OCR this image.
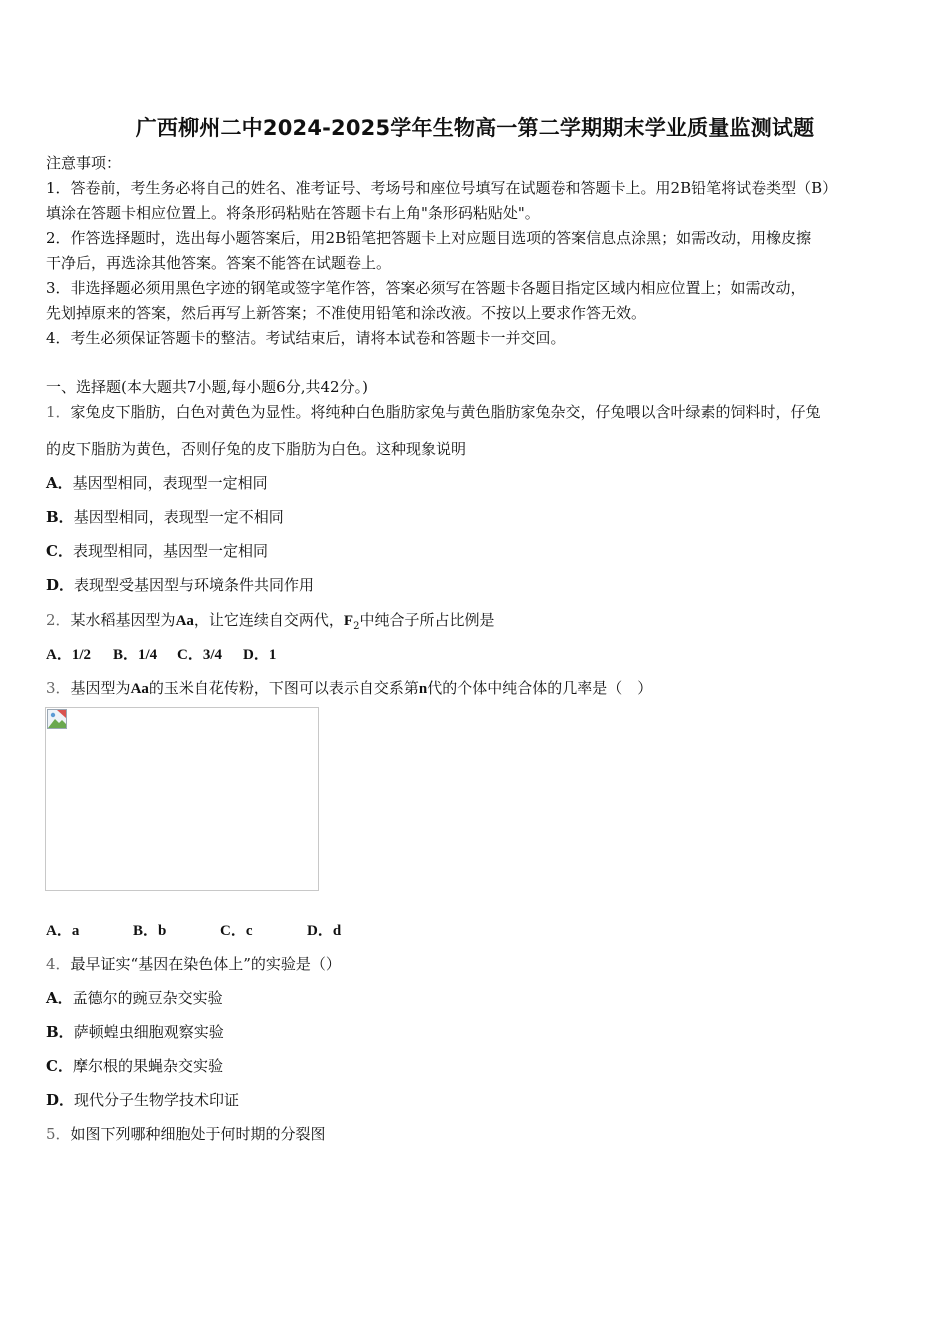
广西柳州二中2024-2025学年生物高一第二学期期末学业质量监测试题
注意事项：
1．答卷前，考生务必将自己的姓名、准考证号、考场号和座位号填写在试题卷和答题卡上。用2B铅笔将试卷类型（B）
填涂在答题卡相应位置上。将条形码粘贴在答题卡右上角"条形码粘贴处"。
2．作答选择题时，选出每小题答案后，用2B铅笔把答题卡上对应题目选项的答案信息点涂黑；如需改动，用橡皮擦
干净后，再选涂其他答案。答案不能答在试题卷上。
3．非选择题必须用黑色字迹的钢笔或签字笔作答，答案必须写在答题卡各题目指定区域内相应位置上；如需改动，
先划掉原来的答案，然后再写上新答案；不准使用铅笔和涂改液。不按以上要求作答无效。
4．考生必须保证答题卡的整洁。考试结束后，请将本试卷和答题卡一并交回。
一、选择题(本大题共7小题,每小题6分,共42分。)
1．家兔皮下脂肪，白色对黄色为显性。将纯种白色脂肪家兔与黄色脂肪家兔杂交，仔兔喂以含叶绿素的饲料时，仔兔
的皮下脂肪为黄色，否则仔兔的皮下脂肪为白色。这种现象说明
A．基因型相同，表现型一定相同
B．基因型相同，表现型一定不相同
C．表现型相同，基因型一定相同
D．表现型受基因型与环境条件共同作用
2．某水稻基因型为Aa，让它连续自交两代，$F_2$中纯合子所占比例是
A．1/2 B．1/4 C．3/4 D．1
3．基因型为Aa的玉米自花传粉，下图可以表示自交系第n代的个体中纯合体的几率是（　）
A．a	B．b	C．c	D．d
4．最早证实“基因在染色体上”的实验是（）
A．孟德尔的豌豆杂交实验
B．萨顿蝗虫细胞观察实验
C．摩尔根的果蝇杂交实验
D．现代分子生物学技术印证
5．如图下列哪种细胞处于何时期的分裂图
